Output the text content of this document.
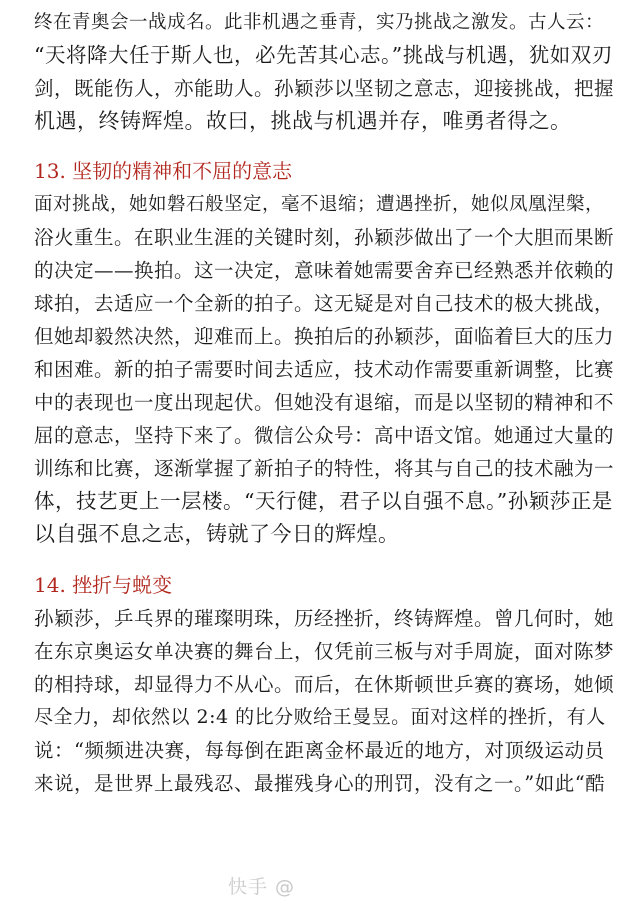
终在青奥会一战成名。此非机遇之垂青，实乃挑战之激发。古人云：
“天将降大任于斯人也，必先苦其心志。”挑战与机遇，犹如双刃
剑，既能伤人，亦能助人。孙颖莎以坚韧之意志，迎接挑战，把握
机遇，终铸辉煌。故曰，挑战与机遇并存，唯勇者得之。
13. 坚韧的精神和不屈的意志
面对挑战，她如磐石般坚定，毫不退缩；遭遇挫折，她似凤凰涅槃，
浴火重生。在职业生涯的关键时刻，孙颖莎做出了一个大胆而果断
的决定——换拍。这一决定，意味着她需要舍弃已经熟悉并依赖的
球拍，去适应一个全新的拍子。这无疑是对自己技术的极大挑战，
但她却毅然决然，迎难而上。换拍后的孙颖莎，面临着巨大的压力
和困难。新的拍子需要时间去适应，技术动作需要重新调整，比赛
中的表现也一度出现起伏。但她没有退缩，而是以坚韧的精神和不
屈的意志，坚持下来了。微信公众号：高中语文馆。她通过大量的
训练和比赛，逐渐掌握了新拍子的特性，将其与自己的技术融为一
体，技艺更上一层楼。“天行健，君子以自强不息。”孙颖莎正是
以自强不息之志，铸就了今日的辉煌。
14. 挫折与蜕变
孙颖莎，乒乓界的璀璨明珠，历经挫折，终铸辉煌。曾几何时，她
在东京奥运女单决赛的舞台上，仅凭前三板与对手周旋，面对陈梦
的相持球，却显得力不从心。而后，在休斯顿世乒赛的赛场，她倾
尽全力，却依然以 2:4 的比分败给王曼昱。面对这样的挫折，有人
说：“频频进决赛，每每倒在距离金杯最近的地方，对顶级运动员
来说，是世界上最残忍、最摧残身心的刑罚，没有之一。”如此“酷
快手 @
